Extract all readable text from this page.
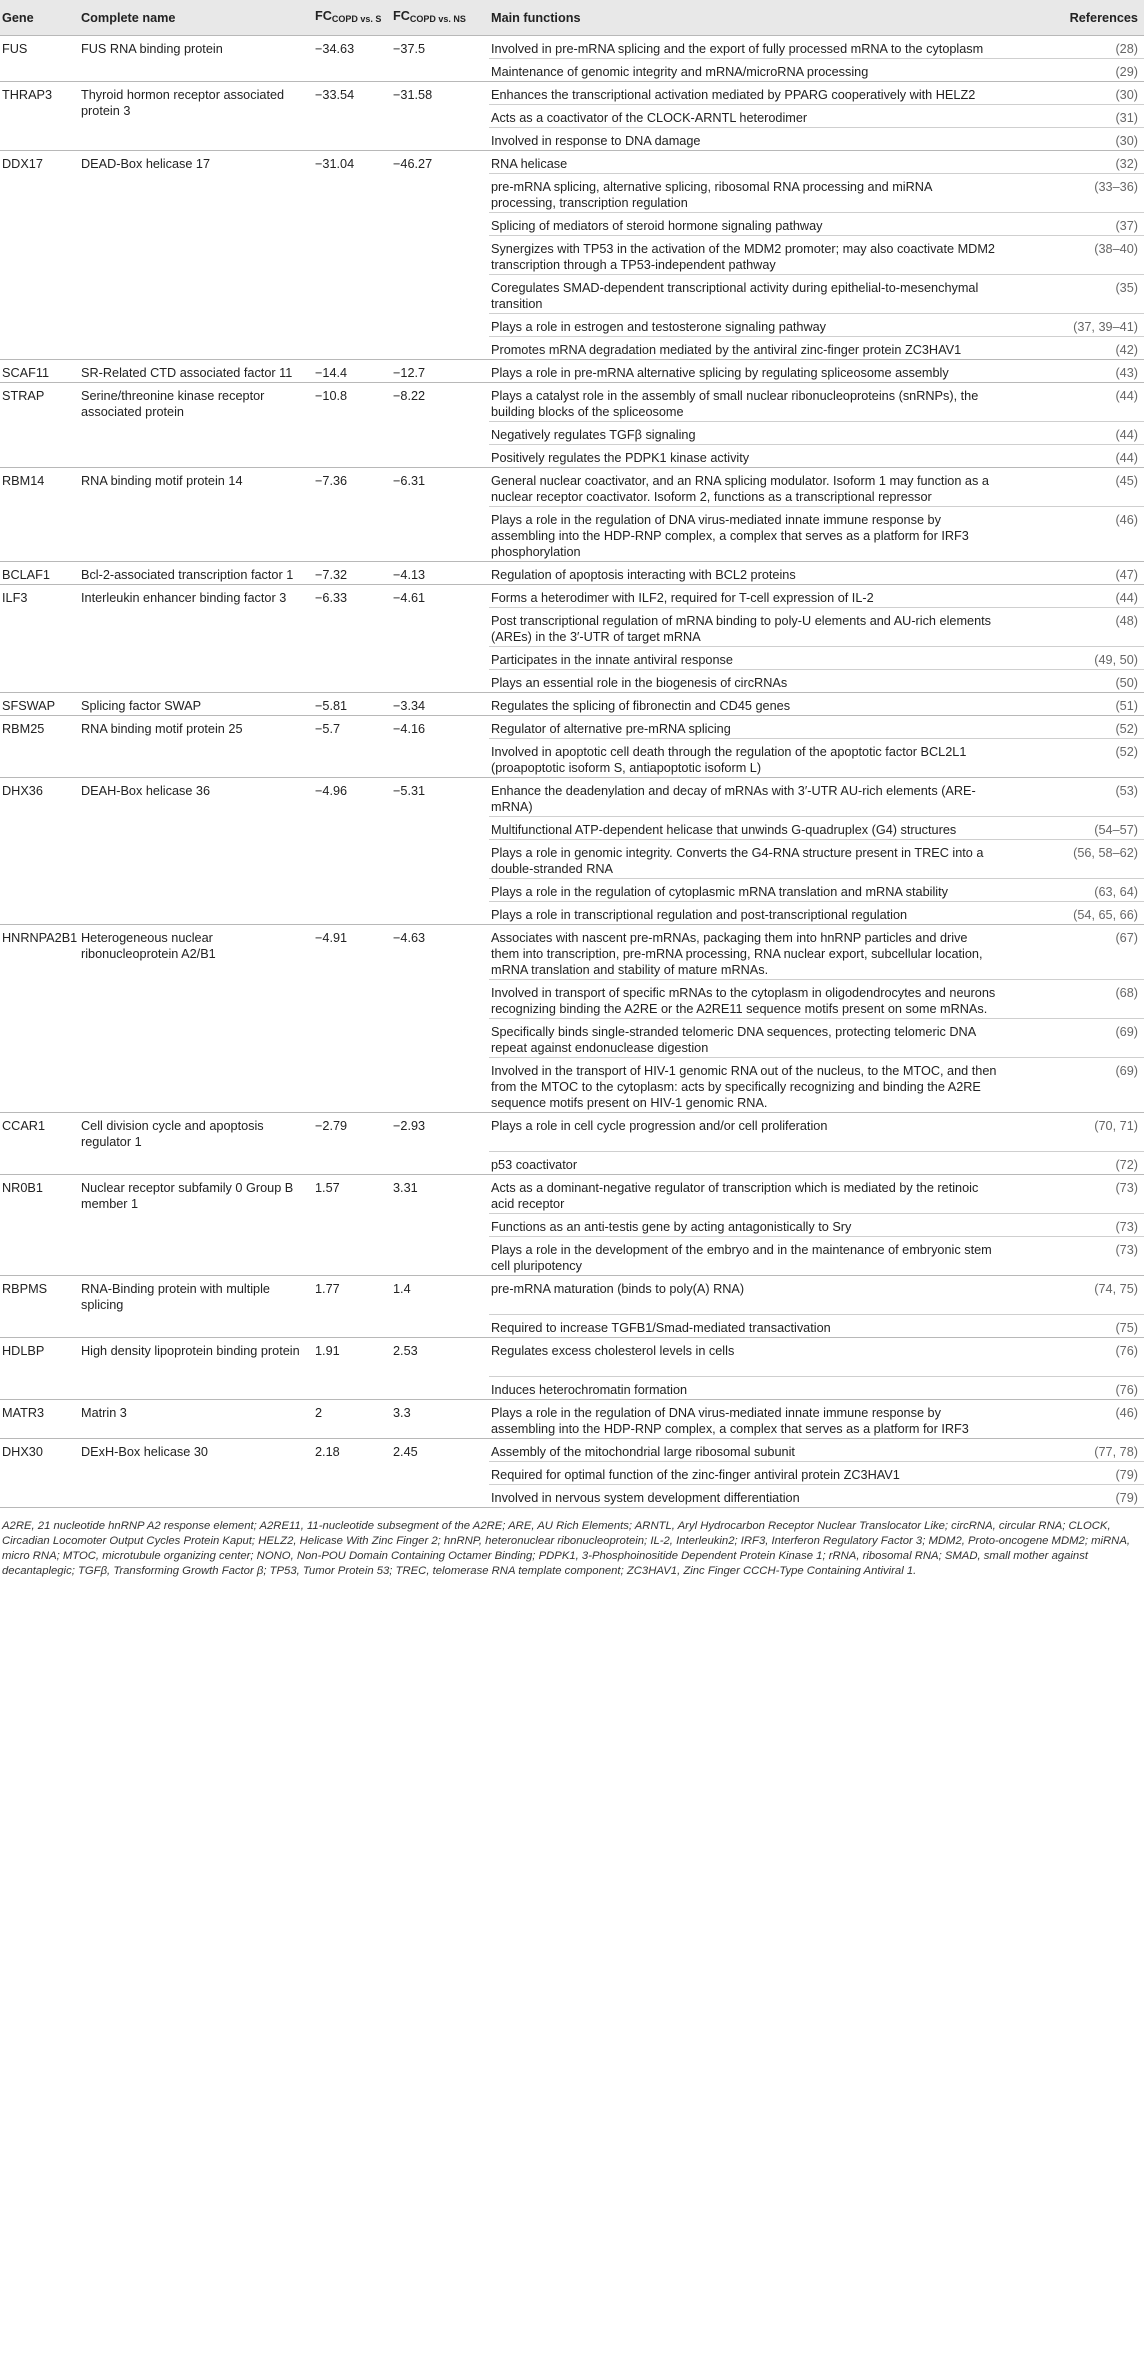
Gene	Complete name	$FC_{COPD vs. S}$	$FC_{COPD vs. NS}$	Main functions	References
FUS	FUS RNA binding protein	−34.63	−37.5	Involved in pre-mRNA splicing and the export of fully processed mRNA to the cytoplasm	(28)
				Maintenance of genomic integrity and mRNA/microRNA processing	(29)
THRAP3	Thyroid hormon receptor associated protein 3	−33.54	−31.58	Enhances the transcriptional activation mediated by PPARG cooperatively with HELZ2	(30)
				Acts as a coactivator of the CLOCK-ARNTL heterodimer	(31)
				Involved in response to DNA damage	(30)
DDX17	DEAD-Box helicase 17	−31.04	−46.27	RNA helicase	(32)
				pre-mRNA splicing, alternative splicing, ribosomal RNA processing and miRNA processing, transcription regulation	(33–36)
				Splicing of mediators of steroid hormone signaling pathway	(37)
				Synergizes with TP53 in the activation of the MDM2 promoter; may also coactivate MDM2 transcription through a TP53-independent pathway	(38–40)
				Coregulates SMAD-dependent transcriptional activity during epithelial-to-mesenchymal transition	(35)
				Plays a role in estrogen and testosterone signaling pathway	(37, 39–41)
				Promotes mRNA degradation mediated by the antiviral zinc-finger protein ZC3HAV1	(42)
SCAF11	SR-Related CTD associated factor 11	−14.4	−12.7	Plays a role in pre-mRNA alternative splicing by regulating spliceosome assembly	(43)
STRAP	Serine/threonine kinase receptor associated protein	−10.8	−8.22	Plays a catalyst role in the assembly of small nuclear ribonucleoproteins (snRNPs), the building blocks of the spliceosome	(44)
				Negatively regulates TGFβ signaling	(44)
				Positively regulates the PDPK1 kinase activity	(44)
RBM14	RNA binding motif protein 14	−7.36	−6.31	General nuclear coactivator, and an RNA splicing modulator. Isoform 1 may function as a nuclear receptor coactivator. Isoform 2, functions as a transcriptional repressor	(45)
				Plays a role in the regulation of DNA virus-mediated innate immune response by assembling into the HDP-RNP complex, a complex that serves as a platform for IRF3 phosphorylation	(46)
BCLAF1	Bcl-2-associated transcription factor 1	−7.32	−4.13	Regulation of apoptosis interacting with BCL2 proteins	(47)
ILF3	Interleukin enhancer binding factor 3	−6.33	−4.61	Forms a heterodimer with ILF2, required for T-cell expression of IL-2	(44)
				Post transcriptional regulation of mRNA binding to poly-U elements and AU-rich elements (AREs) in the 3′-UTR of target mRNA	(48)
				Participates in the innate antiviral response	(49, 50)
				Plays an essential role in the biogenesis of circRNAs	(50)
SFSWAP	Splicing factor SWAP	−5.81	−3.34	Regulates the splicing of fibronectin and CD45 genes	(51)
RBM25	RNA binding motif protein 25	−5.7	−4.16	Regulator of alternative pre-mRNA splicing	(52)
				Involved in apoptotic cell death through the regulation of the apoptotic factor BCL2L1 (proapoptotic isoform S, antiapoptotic isoform L)	(52)
DHX36	DEAH-Box helicase 36	−4.96	−5.31	Enhance the deadenylation and decay of mRNAs with 3′-UTR AU-rich elements (ARE-mRNA)	(53)
				Multifunctional ATP-dependent helicase that unwinds G-quadruplex (G4) structures	(54–57)
				Plays a role in genomic integrity. Converts the G4-RNA structure present in TREC into a double-stranded RNA	(56, 58–62)
				Plays a role in the regulation of cytoplasmic mRNA translation and mRNA stability	(63, 64)
				Plays a role in transcriptional regulation and post-transcriptional regulation	(54, 65, 66)
HNRNPA2B1	Heterogeneous nuclear ribonucleoprotein A2/B1	−4.91	−4.63	Associates with nascent pre-mRNAs, packaging them into hnRNP particles and drive them into transcription, pre-mRNA processing, RNA nuclear export, subcellular location, mRNA translation and stability of mature mRNAs.	(67)
				Involved in transport of specific mRNAs to the cytoplasm in oligodendrocytes and neurons recognizing binding the A2RE or the A2RE11 sequence motifs present on some mRNAs.	(68)
				Specifically binds single-stranded telomeric DNA sequences, protecting telomeric DNA repeat against endonuclease digestion	(69)
				Involved in the transport of HIV-1 genomic RNA out of the nucleus, to the MTOC, and then from the MTOC to the cytoplasm: acts by specifically recognizing and binding the A2RE sequence motifs present on HIV-1 genomic RNA.	(69)
CCAR1	Cell division cycle and apoptosis regulator 1	−2.79	−2.93	Plays a role in cell cycle progression and/or cell proliferation	(70, 71)
				p53 coactivator	(72)
NR0B1	Nuclear receptor subfamily 0 Group B member 1	1.57	3.31	Acts as a dominant-negative regulator of transcription which is mediated by the retinoic acid receptor	(73)
				Functions as an anti-testis gene by acting antagonistically to Sry	(73)
				Plays a role in the development of the embryo and in the maintenance of embryonic stem cell pluripotency	(73)
RBPMS	RNA-Binding protein with multiple splicing	1.77	1.4	pre-mRNA maturation (binds to poly(A) RNA)	(74, 75)
				Required to increase TGFB1/Smad-mediated transactivation	(75)
HDLBP	High density lipoprotein binding protein	1.91	2.53	Regulates excess cholesterol levels in cells	(76)
				Induces heterochromatin formation	(76)
MATR3	Matrin 3	2	3.3	Plays a role in the regulation of DNA virus-mediated innate immune response by assembling into the HDP-RNP complex, a complex that serves as a platform for IRF3	(46)
DHX30	DExH-Box helicase 30	2.18	2.45	Assembly of the mitochondrial large ribosomal subunit	(77, 78)
				Required for optimal function of the zinc-finger antiviral protein ZC3HAV1	(79)
				Involved in nervous system development differentiation	(79)
A2RE, 21 nucleotide hnRNP A2 response element; A2RE11, 11-nucleotide subsegment of the A2RE; ARE, AU Rich Elements; ARNTL, Aryl Hydrocarbon Receptor Nuclear Translocator Like; circRNA, circular RNA; CLOCK, Circadian Locomoter Output Cycles Protein Kaput; HELZ2, Helicase With Zinc Finger 2; hnRNP, heteronuclear ribonucleoprotein; IL-2, Interleukin2; IRF3, Interferon Regulatory Factor 3; MDM2, Proto-oncogene MDM2; miRNA, micro RNA; MTOC, microtubule organizing center; NONO, Non-POU Domain Containing Octamer Binding; PDPK1, 3-Phosphoinositide Dependent Protein Kinase 1; rRNA, ribosomal RNA; SMAD, small mother against decantaplegic; TGFβ, Transforming Growth Factor β; TP53, Tumor Protein 53; TREC, telomerase RNA template component; ZC3HAV1, Zinc Finger CCCH-Type Containing Antiviral 1.
